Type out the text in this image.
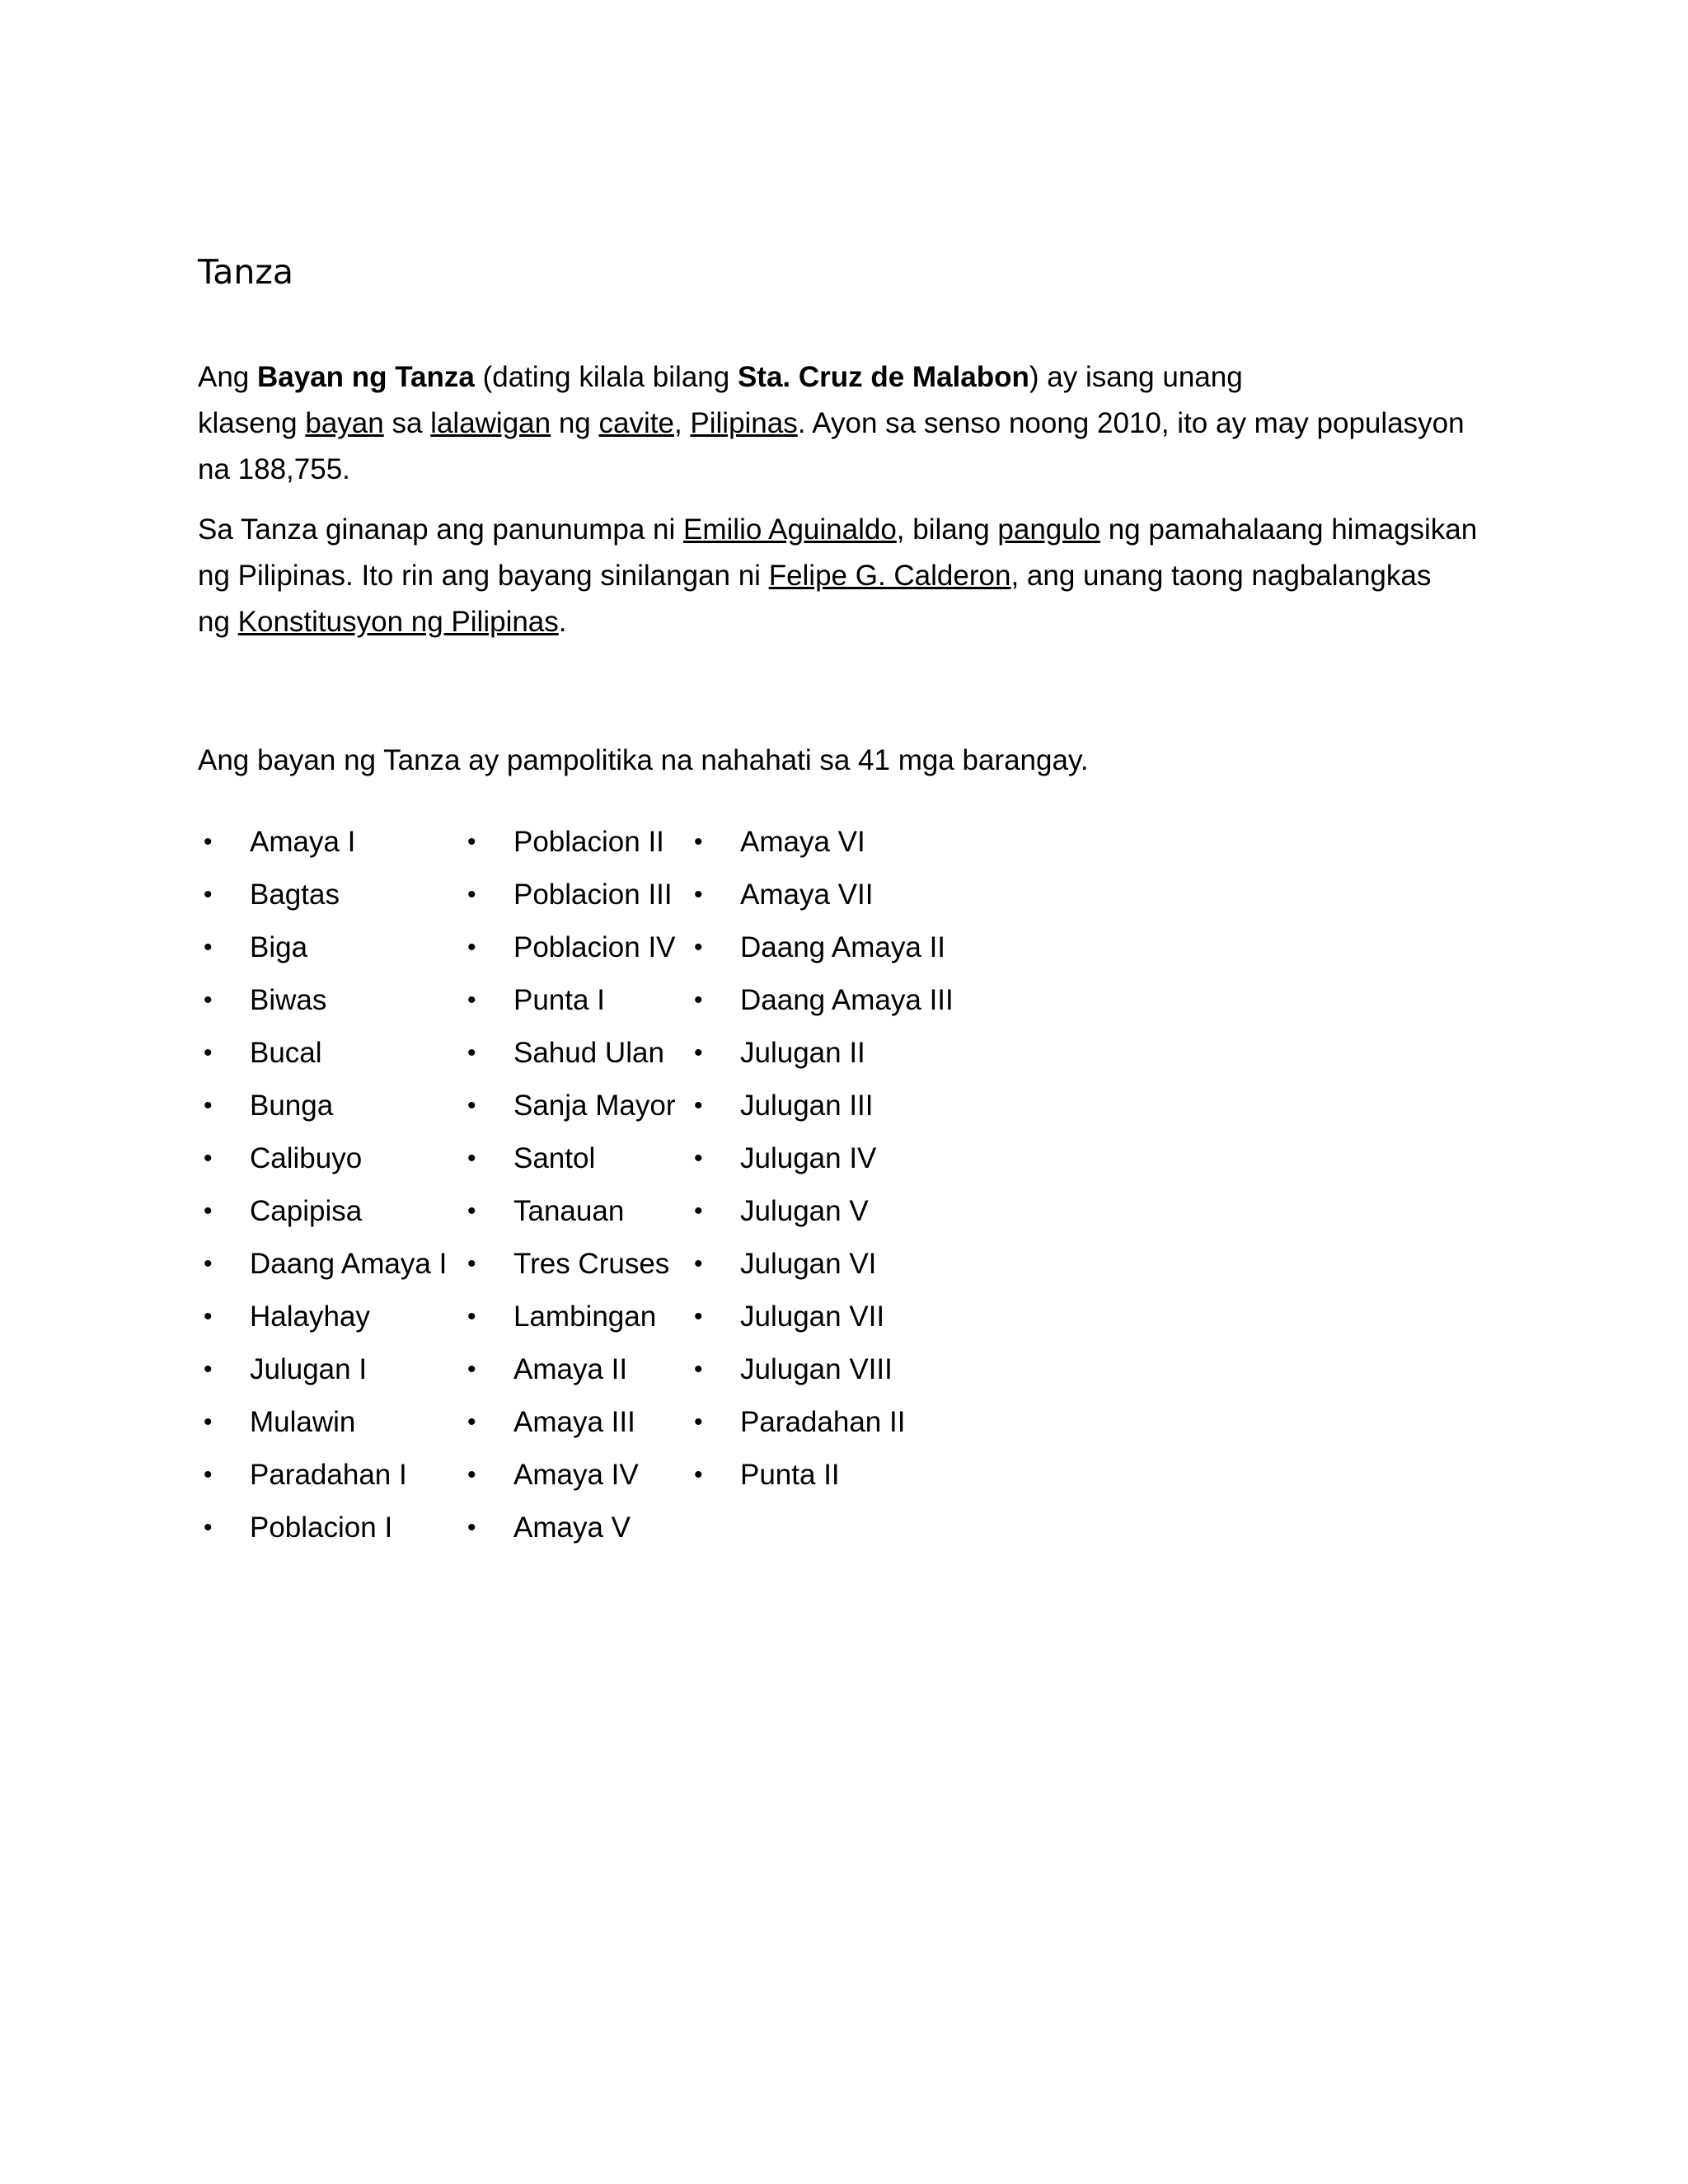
Tanza

Ang Bayan ng Tanza (dating kilala bilang Sta. Cruz de Malabon) ay isang unang
klaseng bayan sa lalawigan ng cavite, Pilipinas. Ayon sa senso noong 2010, ito ay may populasyon
na 188,755.

Sa Tanza ginanap ang panunumpa ni Emilio Aguinaldo, bilang pangulo ng pamahalaang himagsikan
ng Pilipinas. Ito rin ang bayang sinilangan ni Felipe G. Calderon, ang unang taong nagbalangkas
ng Konstitusyon ng Pilipinas.

Ang bayan ng Tanza ay pampolitika na nahahati sa 41 mga barangay.

• Amaya I
• Bagtas
• Biga
• Biwas
• Bucal
• Bunga
• Calibuyo
• Capipisa
• Daang Amaya I
• Halayhay
• Julugan I
• Mulawin
• Paradahan I
• Poblacion I
• Poblacion II
• Poblacion III
• Poblacion IV
• Punta I
• Sahud Ulan
• Sanja Mayor
• Santol
• Tanauan
• Tres Cruses
• Lambingan
• Amaya II
• Amaya III
• Amaya IV
• Amaya V
• Amaya VI
• Amaya VII
• Daang Amaya II
• Daang Amaya III
• Julugan II
• Julugan III
• Julugan IV
• Julugan V
• Julugan VI
• Julugan VII
• Julugan VIII
• Paradahan II
• Punta II
